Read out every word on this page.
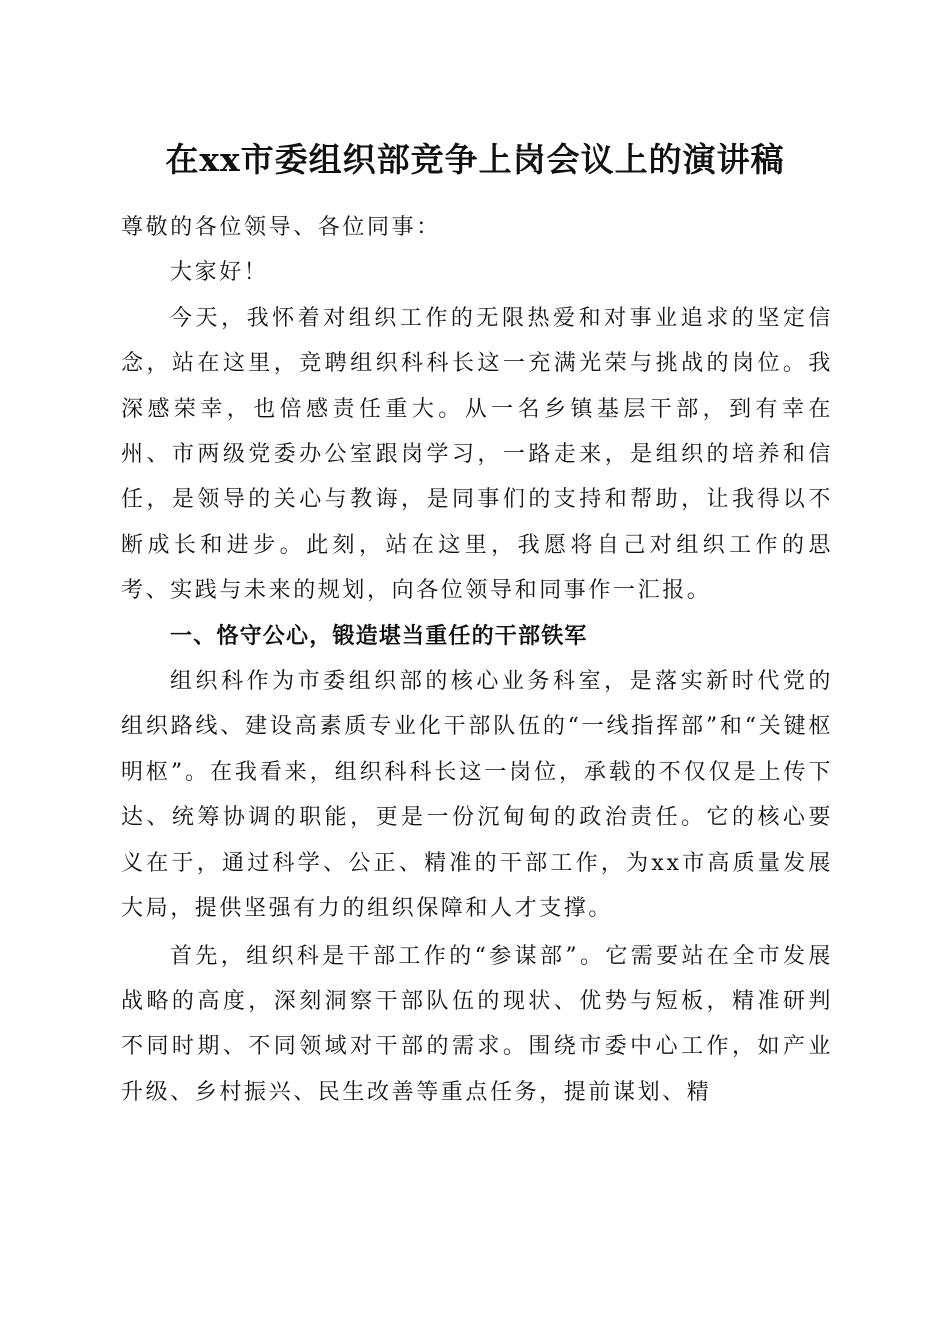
在xx市委组织部竞争上岗会议上的演讲稿

尊敬的各位领导、各位同事：

大家好！

今天，我怀着对组织工作的无限热爱和对事业追求的坚定信念，站在这里，竞聘组织科科长这一充满光荣与挑战的岗位。我深感荣幸，也倍感责任重大。从一名乡镇基层干部，到有幸在州、市两级党委办公室跟岗学习，一路走来，是组织的培养和信任，是领导的关心与教诲，是同事们的支持和帮助，让我得以不断成长和进步。此刻，站在这里，我愿将自己对组织工作的思考、实践与未来的规划，向各位领导和同事作一汇报。

一、恪守公心，锻造堪当重任的干部铁军

组织科作为市委组织部的核心业务科室，是落实新时代党的组织路线、建设高素质专业化干部队伍的“一线指挥部”和“关键枢明枢”。在我看来，组织科科长这一岗位，承载的不仅仅是上传下达、统筹协调的职能，更是一份沉甸甸的政治责任。它的核心要义在于，通过科学、公正、精准的干部工作，为xx市高质量发展大局，提供坚强有力的组织保障和人才支撑。

首先，组织科是干部工作的“参谋部”。它需要站在全市发展战略的高度，深刻洞察干部队伍的现状、优势与短板，精准研判不同时期、不同领域对干部的需求。围绕市委中心工作，如产业升级、乡村振兴、民生改善等重点任务，提前谋划、精
